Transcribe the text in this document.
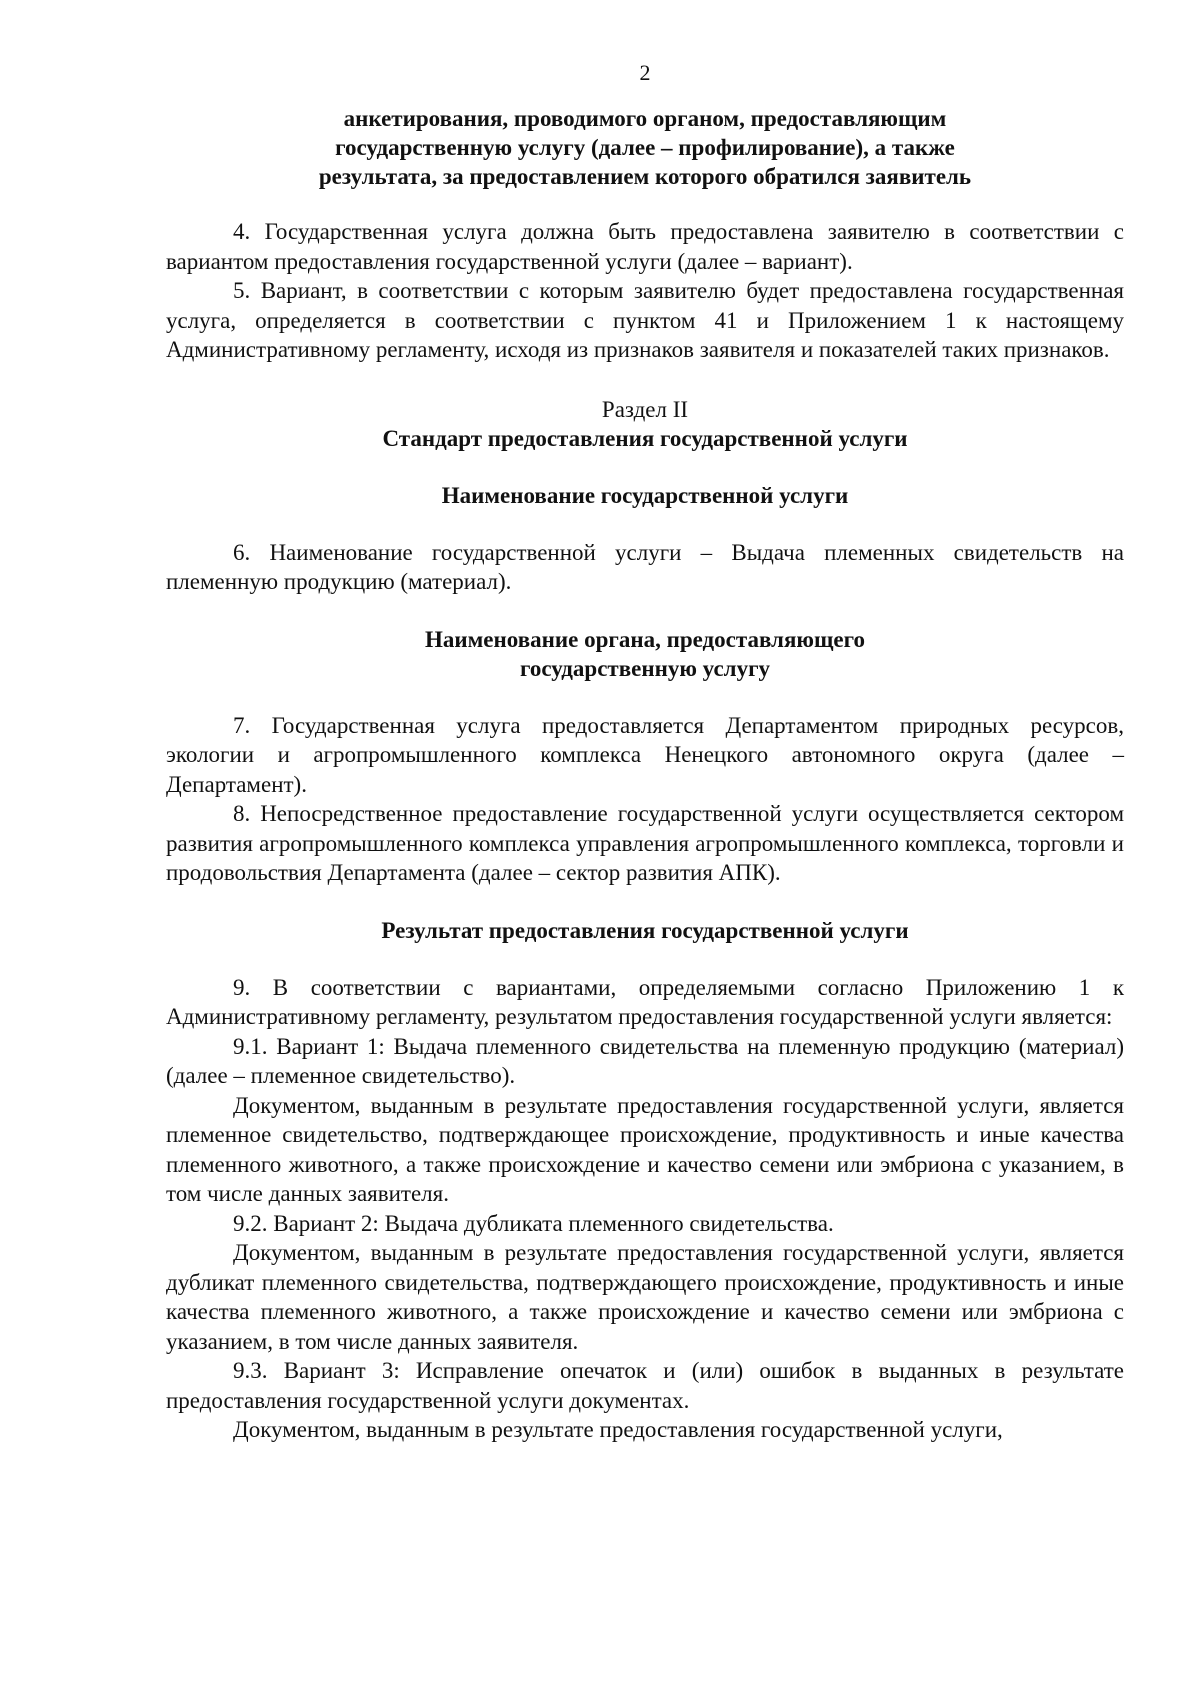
2
анкетирования, проводимого органом, предоставляющим
государственную услугу (далее – профилирование), а также
результата, за предоставлением которого обратился заявитель

4. Государственная услуга должна быть предоставлена заявителю в соответствии с вариантом предоставления государственной услуги (далее – вариант).

5. Вариант, в соответствии с которым заявителю будет предоставлена государственная услуга, определяется в соответствии с пунктом 41 и Приложением 1 к настоящему Административному регламенту, исходя из признаков заявителя и показателей таких признаков.

Раздел II
Стандарт предоставления государственной услуги
Наименование государственной услуги

6. Наименование государственной услуги – Выдача племенных свидетельств на племенную продукцию (материал).

Наименование органа, предоставляющего
государственную услугу

7. Государственная услуга предоставляется Департаментом природных ресурсов, экологии и агропромышленного комплекса Ненецкого автономного округа (далее – Департамент).

8. Непосредственное предоставление государственной услуги осуществляется сектором развития агропромышленного комплекса управления агропромышленного комплекса, торговли и продовольствия Департамента (далее – сектор развития АПК).

Результат предоставления государственной услуги

9. В соответствии с вариантами, определяемыми согласно Приложению 1 к Административному регламенту, результатом предоставления государственной услуги является:

9.1. Вариант 1: Выдача племенного свидетельства на племенную продукцию (материал) (далее – племенное свидетельство).

Документом, выданным в результате предоставления государственной услуги, является племенное свидетельство, подтверждающее происхождение, продуктивность и иные качества племенного животного, а также происхождение и качество семени или эмбриона с указанием, в том числе данных заявителя.

9.2. Вариант 2: Выдача дубликата племенного свидетельства.

Документом, выданным в результате предоставления государственной услуги, является дубликат племенного свидетельства, подтверждающего происхождение, продуктивность и иные качества племенного животного, а также происхождение и качество семени или эмбриона с указанием, в том числе данных заявителя.

9.3. Вариант 3: Исправление опечаток и (или) ошибок в выданных в результате предоставления государственной услуги документах.

Документом, выданным в результате предоставления государственной услуги,
